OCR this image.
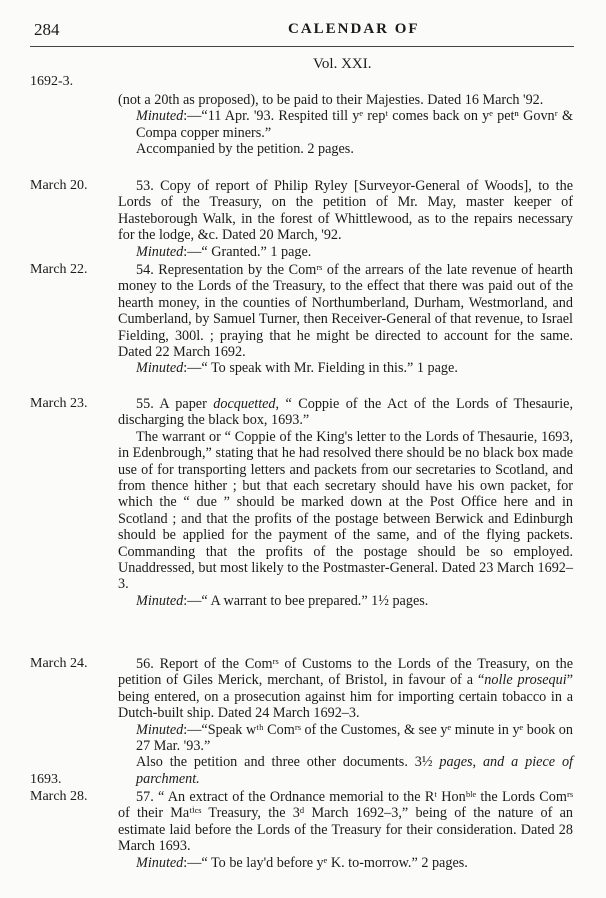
284	CALENDAR OF
Vol. XXI.
1692-3.
March 20.
March 22.
March 23.
March 24.
1693.
March 28.

(not a 20th as proposed), to be paid to their Majesties. Dated 16 March '92.

Minuted:—“11 Apr. '93. Respited till yᵉ repᵗ comes back on yᵉ petⁿ Govnʳ & Compa copper miners.”

Accompanied by the petition. 2 pages.

53. Copy of report of Philip Ryley [Surveyor-General of Woods], to the Lords of the Treasury, on the petition of Mr. May, master keeper of Hasteborough Walk, in the forest of Whittlewood, as to the repairs necessary for the lodge, &c. Dated 20 March, '92.

Minuted:—“ Granted.” 1 page.

54. Representation by the Comʳˢ of the arrears of the late revenue of hearth money to the Lords of the Treasury, to the effect that there was paid out of the hearth money, in the counties of Northumberland, Durham, Westmorland, and Cumberland, by Samuel Turner, then Receiver-General of that revenue, to Israel Fielding, 300l. ; praying that he might be directed to account for the same. Dated 22 March 1692.

Minuted:—“ To speak with Mr. Fielding in this.” 1 page.

55. A paper docquetted, “ Coppie of the Act of the Lords of Thesaurie, discharging the black box, 1693.”

The warrant or “ Coppie of the King's letter to the Lords of Thesaurie, 1693, in Edenbrough,” stating that he had resolved there should be no black box made use of for transporting letters and packets from our secretaries to Scotland, and from thence hither ; but that each secretary should have his own packet, for which the “ due ” should be marked down at the Post Office here and in Scotland ; and that the profits of the postage between Berwick and Edinburgh should be applied for the payment of the same, and of the flying packets. Commanding that the profits of the postage should be so employed. Unaddressed, but most likely to the Postmaster-General. Dated 23 March 1692–3.

Minuted:—“ A warrant to bee prepared.” 1½ pages.

56. Report of the Comʳˢ of Customs to the Lords of the Treasury, on the petition of Giles Merick, merchant, of Bristol, in favour of a “nolle prosequi” being entered, on a prosecution against him for importing certain tobacco in a Dutch-built ship. Dated 24 March 1692–3.

Minuted:—“Speak wᵗʰ Comʳˢ of the Customes, & see yᵉ minute in yᵉ book on 27 Mar. '93.”

Also the petition and three other documents. 3½ pages, and a piece of parchment.

57. “ An extract of the Ordnance memorial to the Rᵗ Honᵇˡᵉ the Lords Comʳˢ of their Maᵗⁱᶜˢ Treasury, the 3ᵈ March 1692–3,” being of the nature of an estimate laid before the Lords of the Treasury for their consideration. Dated 28 March 1693.

Minuted:—“ To be lay'd before yᵉ K. to-morrow.” 2 pages.
